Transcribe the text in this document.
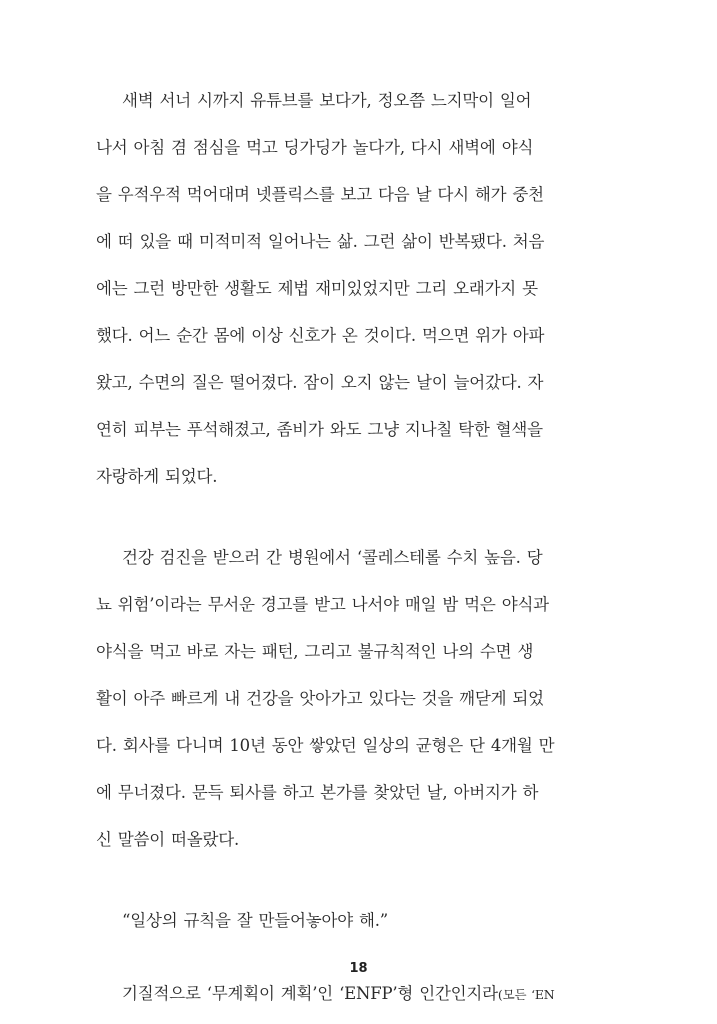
새벽 서너 시까지 유튜브를 보다가, 정오쯤 느지막이 일어
나서 아침 겸 점심을 먹고 딩가딩가 놀다가, 다시 새벽에 야식
을 우적우적 먹어대며 넷플릭스를 보고 다음 날 다시 해가 중천
에 떠 있을 때 미적미적 일어나는 삶. 그런 삶이 반복됐다. 처음
에는 그런 방만한 생활도 제법 재미있었지만 그리 오래가지 못
했다. 어느 순간 몸에 이상 신호가 온 것이다. 먹으면 위가 아파
왔고, 수면의 질은 떨어졌다. 잠이 오지 않는 날이 늘어갔다. 자
연히 피부는 푸석해졌고, 좀비가 와도 그냥 지나칠 탁한 혈색을
자랑하게 되었다.
건강 검진을 받으러 간 병원에서 ‘콜레스테롤 수치 높음. 당
뇨 위험’이라는 무서운 경고를 받고 나서야 매일 밤 먹은 야식과
야식을 먹고 바로 자는 패턴, 그리고 불규칙적인 나의 수면 생
활이 아주 빠르게 내 건강을 앗아가고 있다는 것을 깨닫게 되었
다. 회사를 다니며 10년 동안 쌓았던 일상의 균형은 단 4개월 만
에 무너졌다. 문득 퇴사를 하고 본가를 찾았던 날, 아버지가 하
신 말씀이 떠올랐다.
“일상의 규칙을 잘 만들어놓아야 해.”
기질적으로 ‘무계획이 계획’인 ‘ENFP’형 인간인지라(모든 ‘EN
18
